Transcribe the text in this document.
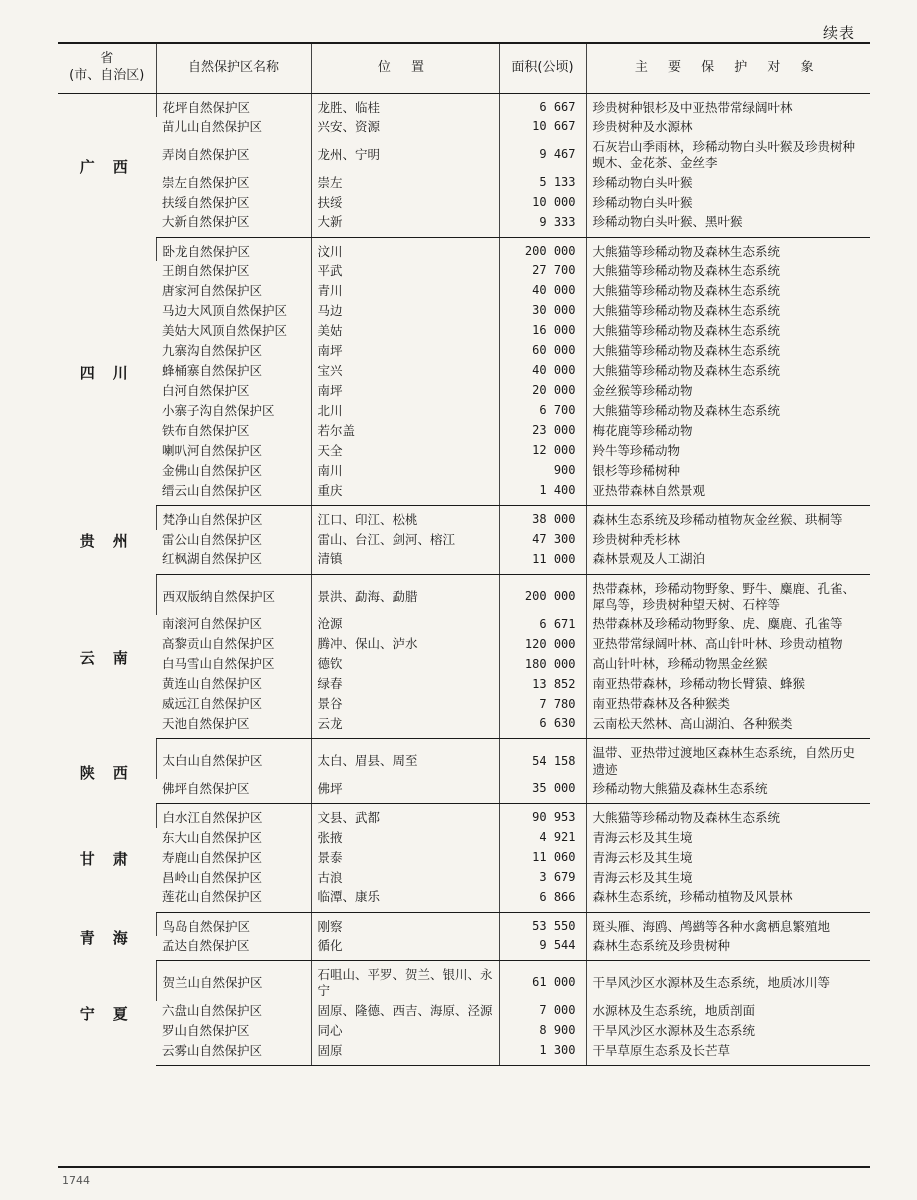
续表
省
(市、自治区)	自然保护区名称	位 置	面积(公顷)	主 要 保 护 对 象
广西	花坪自然保护区	龙胜、临桂	6 667	珍贵树种银杉及中亚热带常绿阔叶林
	苗儿山自然保护区	兴安、资源	10 667	珍贵树种及水源林
	弄岗自然保护区	龙州、宁明	9 467	石灰岩山季雨林，珍稀动物白头叶猴及珍贵树种蚬木、金花茶、金丝李
	崇左自然保护区	崇左	5 133	珍稀动物白头叶猴
	扶绥自然保护区	扶绥	10 000	珍稀动物白头叶猴
	大新自然保护区	大新	9 333	珍稀动物白头叶猴、黑叶猴
四川	卧龙自然保护区	汶川	200 000	大熊猫等珍稀动物及森林生态系统
	王朗自然保护区	平武	27 700	大熊猫等珍稀动物及森林生态系统
	唐家河自然保护区	青川	40 000	大熊猫等珍稀动物及森林生态系统
	马边大风顶自然保护区	马边	30 000	大熊猫等珍稀动物及森林生态系统
	美姑大风顶自然保护区	美姑	16 000	大熊猫等珍稀动物及森林生态系统
	九寨沟自然保护区	南坪	60 000	大熊猫等珍稀动物及森林生态系统
	蜂桶寨自然保护区	宝兴	40 000	大熊猫等珍稀动物及森林生态系统
	白河自然保护区	南坪	20 000	金丝猴等珍稀动物
	小寨子沟自然保护区	北川	6 700	大熊猫等珍稀动物及森林生态系统
	铁布自然保护区	若尔盖	23 000	梅花鹿等珍稀动物
	喇叭河自然保护区	天全	12 000	羚牛等珍稀动物
	金佛山自然保护区	南川	900	银杉等珍稀树种
	缙云山自然保护区	重庆	1 400	亚热带森林自然景观
贵州	梵净山自然保护区	江口、印江、松桃	38 000	森林生态系统及珍稀动植物灰金丝猴、珙桐等
	雷公山自然保护区	雷山、台江、剑河、榕江	47 300	珍贵树种秃杉林
	红枫湖自然保护区	清镇	11 000	森林景观及人工湖泊
云南	西双版纳自然保护区	景洪、勐海、勐腊	200 000	热带森林，珍稀动物野象、野牛、麋鹿、孔雀、犀鸟等，珍贵树种望天树、石梓等
	南滚河自然保护区	沧源	6 671	热带森林及珍稀动物野象、虎、麋鹿、孔雀等
	高黎贡山自然保护区	腾冲、保山、泸水	120 000	亚热带常绿阔叶林、高山针叶林、珍贵动植物
	白马雪山自然保护区	德钦	180 000	高山针叶林，珍稀动物黑金丝猴
	黄连山自然保护区	绿春	13 852	南亚热带森林，珍稀动物长臂猿、蜂猴
	威远江自然保护区	景谷	7 780	南亚热带森林及各种猴类
	天池自然保护区	云龙	6 630	云南松天然林、高山湖泊、各种猴类
陕西	太白山自然保护区	太白、眉县、周至	54 158	温带、亚热带过渡地区森林生态系统，自然历史遗迹
	佛坪自然保护区	佛坪	35 000	珍稀动物大熊猫及森林生态系统
甘肃	白水江自然保护区	文县、武都	90 953	大熊猫等珍稀动物及森林生态系统
	东大山自然保护区	张掖	4 921	青海云杉及其生境
	寿鹿山自然保护区	景泰	11 060	青海云杉及其生境
	昌岭山自然保护区	古浪	3 679	青海云杉及其生境
	莲花山自然保护区	临潭、康乐	6 866	森林生态系统，珍稀动植物及风景林
青海	鸟岛自然保护区	刚察	53 550	斑头雁、海鸥、鸬鹚等各种水禽栖息繁殖地
	孟达自然保护区	循化	9 544	森林生态系统及珍贵树种
宁夏	贺兰山自然保护区	石咀山、平罗、贺兰、银川、永宁	61 000	干旱风沙区水源林及生态系统，地质冰川等
	六盘山自然保护区	固原、隆德、西吉、海原、泾源	7 000	水源林及生态系统，地质剖面
	罗山自然保护区	同心	8 900	干旱风沙区水源林及生态系统
	云雾山自然保护区	固原	1 300	干旱草原生态系及长芒草
1744
